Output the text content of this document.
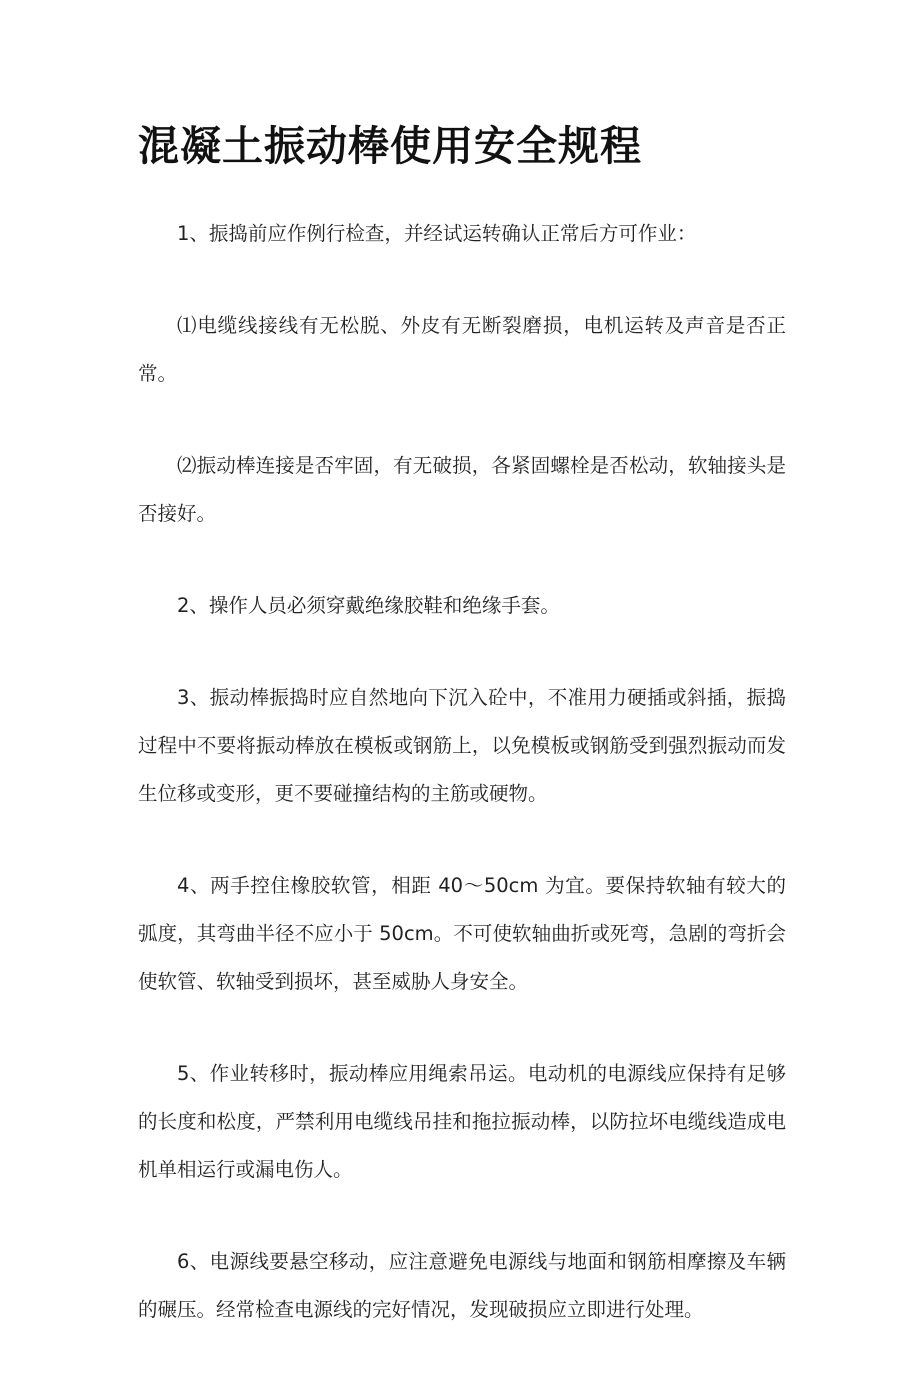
混凝土振动棒使用安全规程

1、振捣前应作例行检查，并经试运转确认正常后方可作业：

⑴电缆线接线有无松脱、外皮有无断裂磨损，电机运转及声音是否正常。

⑵振动棒连接是否牢固，有无破损，各紧固螺栓是否松动，软轴接头是否接好。

2、操作人员必须穿戴绝缘胶鞋和绝缘手套。

3、振动棒振捣时应自然地向下沉入砼中，不准用力硬插或斜插，振捣过程中不要将振动棒放在模板或钢筋上，以免模板或钢筋受到强烈振动而发生位移或变形，更不要碰撞结构的主筋或硬物。

4、两手控住橡胶软管，相距 40～50cm 为宜。要保持软轴有较大的弧度，其弯曲半径不应小于 50cm。不可使软轴曲折或死弯，急剧的弯折会使软管、软轴受到损坏，甚至威胁人身安全。

5、作业转移时，振动棒应用绳索吊运。电动机的电源线应保持有足够的长度和松度，严禁利用电缆线吊挂和拖拉振动棒，以防拉坏电缆线造成电机单相运行或漏电伤人。

6、电源线要悬空移动，应注意避免电源线与地面和钢筋相摩擦及车辆的碾压。经常检查电源线的完好情况，发现破损应立即进行处理。
